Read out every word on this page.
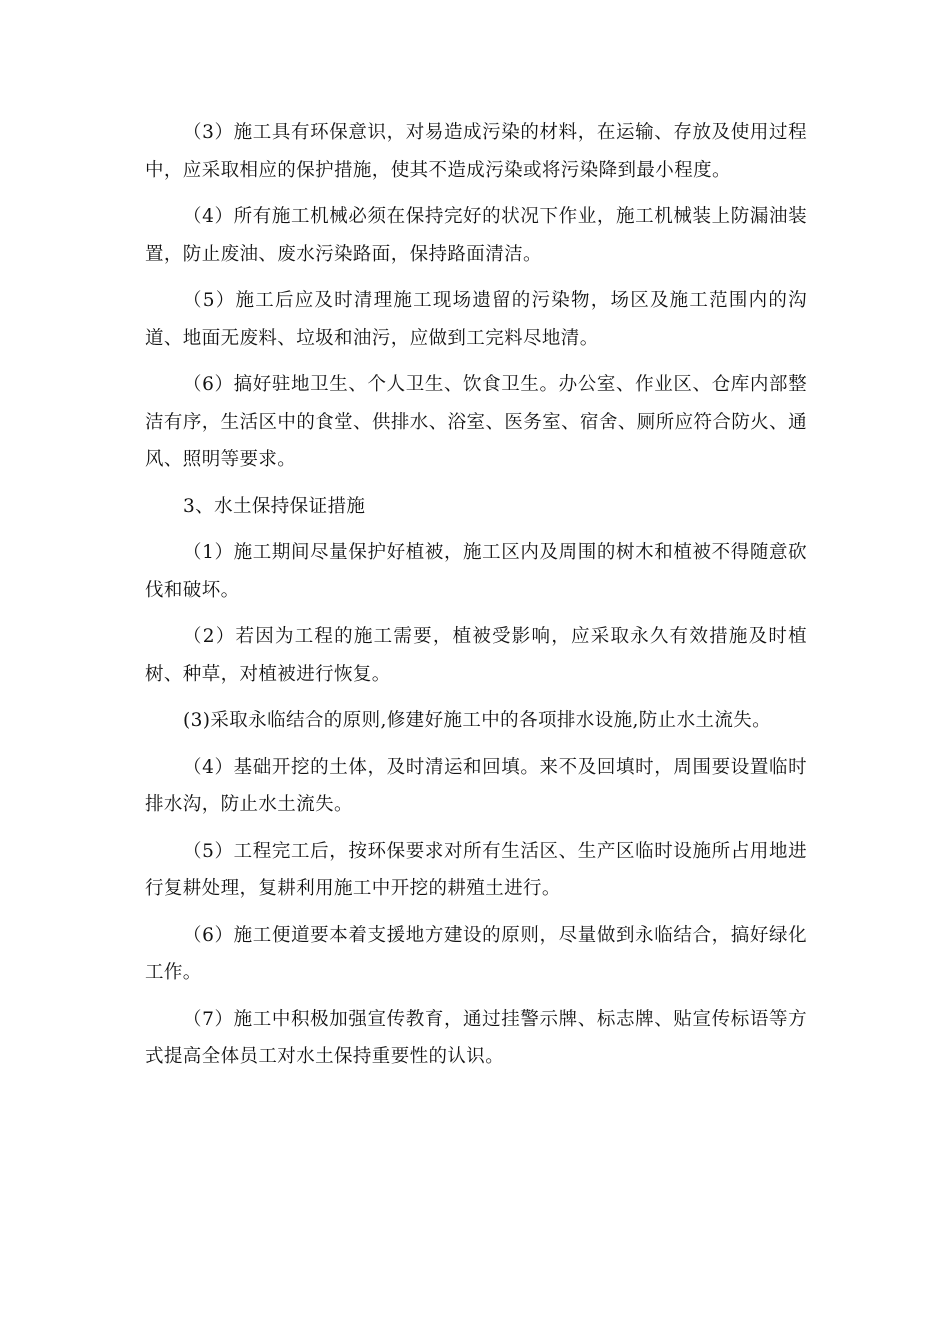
（3）施工具有环保意识，对易造成污染的材料，在运输、存放及使用过程中，应采取相应的保护措施，使其不造成污染或将污染降到最小程度。

（4）所有施工机械必须在保持完好的状况下作业，施工机械装上防漏油装置，防止废油、废水污染路面，保持路面清洁。

（5）施工后应及时清理施工现场遗留的污染物，场区及施工范围内的沟道、地面无废料、垃圾和油污，应做到工完料尽地清。

（6）搞好驻地卫生、个人卫生、饮食卫生。办公室、作业区、仓库内部整洁有序，生活区中的食堂、供排水、浴室、医务室、宿舍、厕所应符合防火、通风、照明等要求。

3、水土保持保证措施

（1）施工期间尽量保护好植被，施工区内及周围的树木和植被不得随意砍伐和破坏。

（2）若因为工程的施工需要，植被受影响，应采取永久有效措施及时植树、种草，对植被进行恢复。

(3)采取永临结合的原则,修建好施工中的各项排水设施,防止水土流失。

（4）基础开挖的土体，及时清运和回填。来不及回填时，周围要设置临时排水沟，防止水土流失。

（5）工程完工后，按环保要求对所有生活区、生产区临时设施所占用地进行复耕处理，复耕利用施工中开挖的耕殖土进行。

（6）施工便道要本着支援地方建设的原则，尽量做到永临结合，搞好绿化工作。

（7）施工中积极加强宣传教育，通过挂警示牌、标志牌、贴宣传标语等方式提高全体员工对水土保持重要性的认识。
